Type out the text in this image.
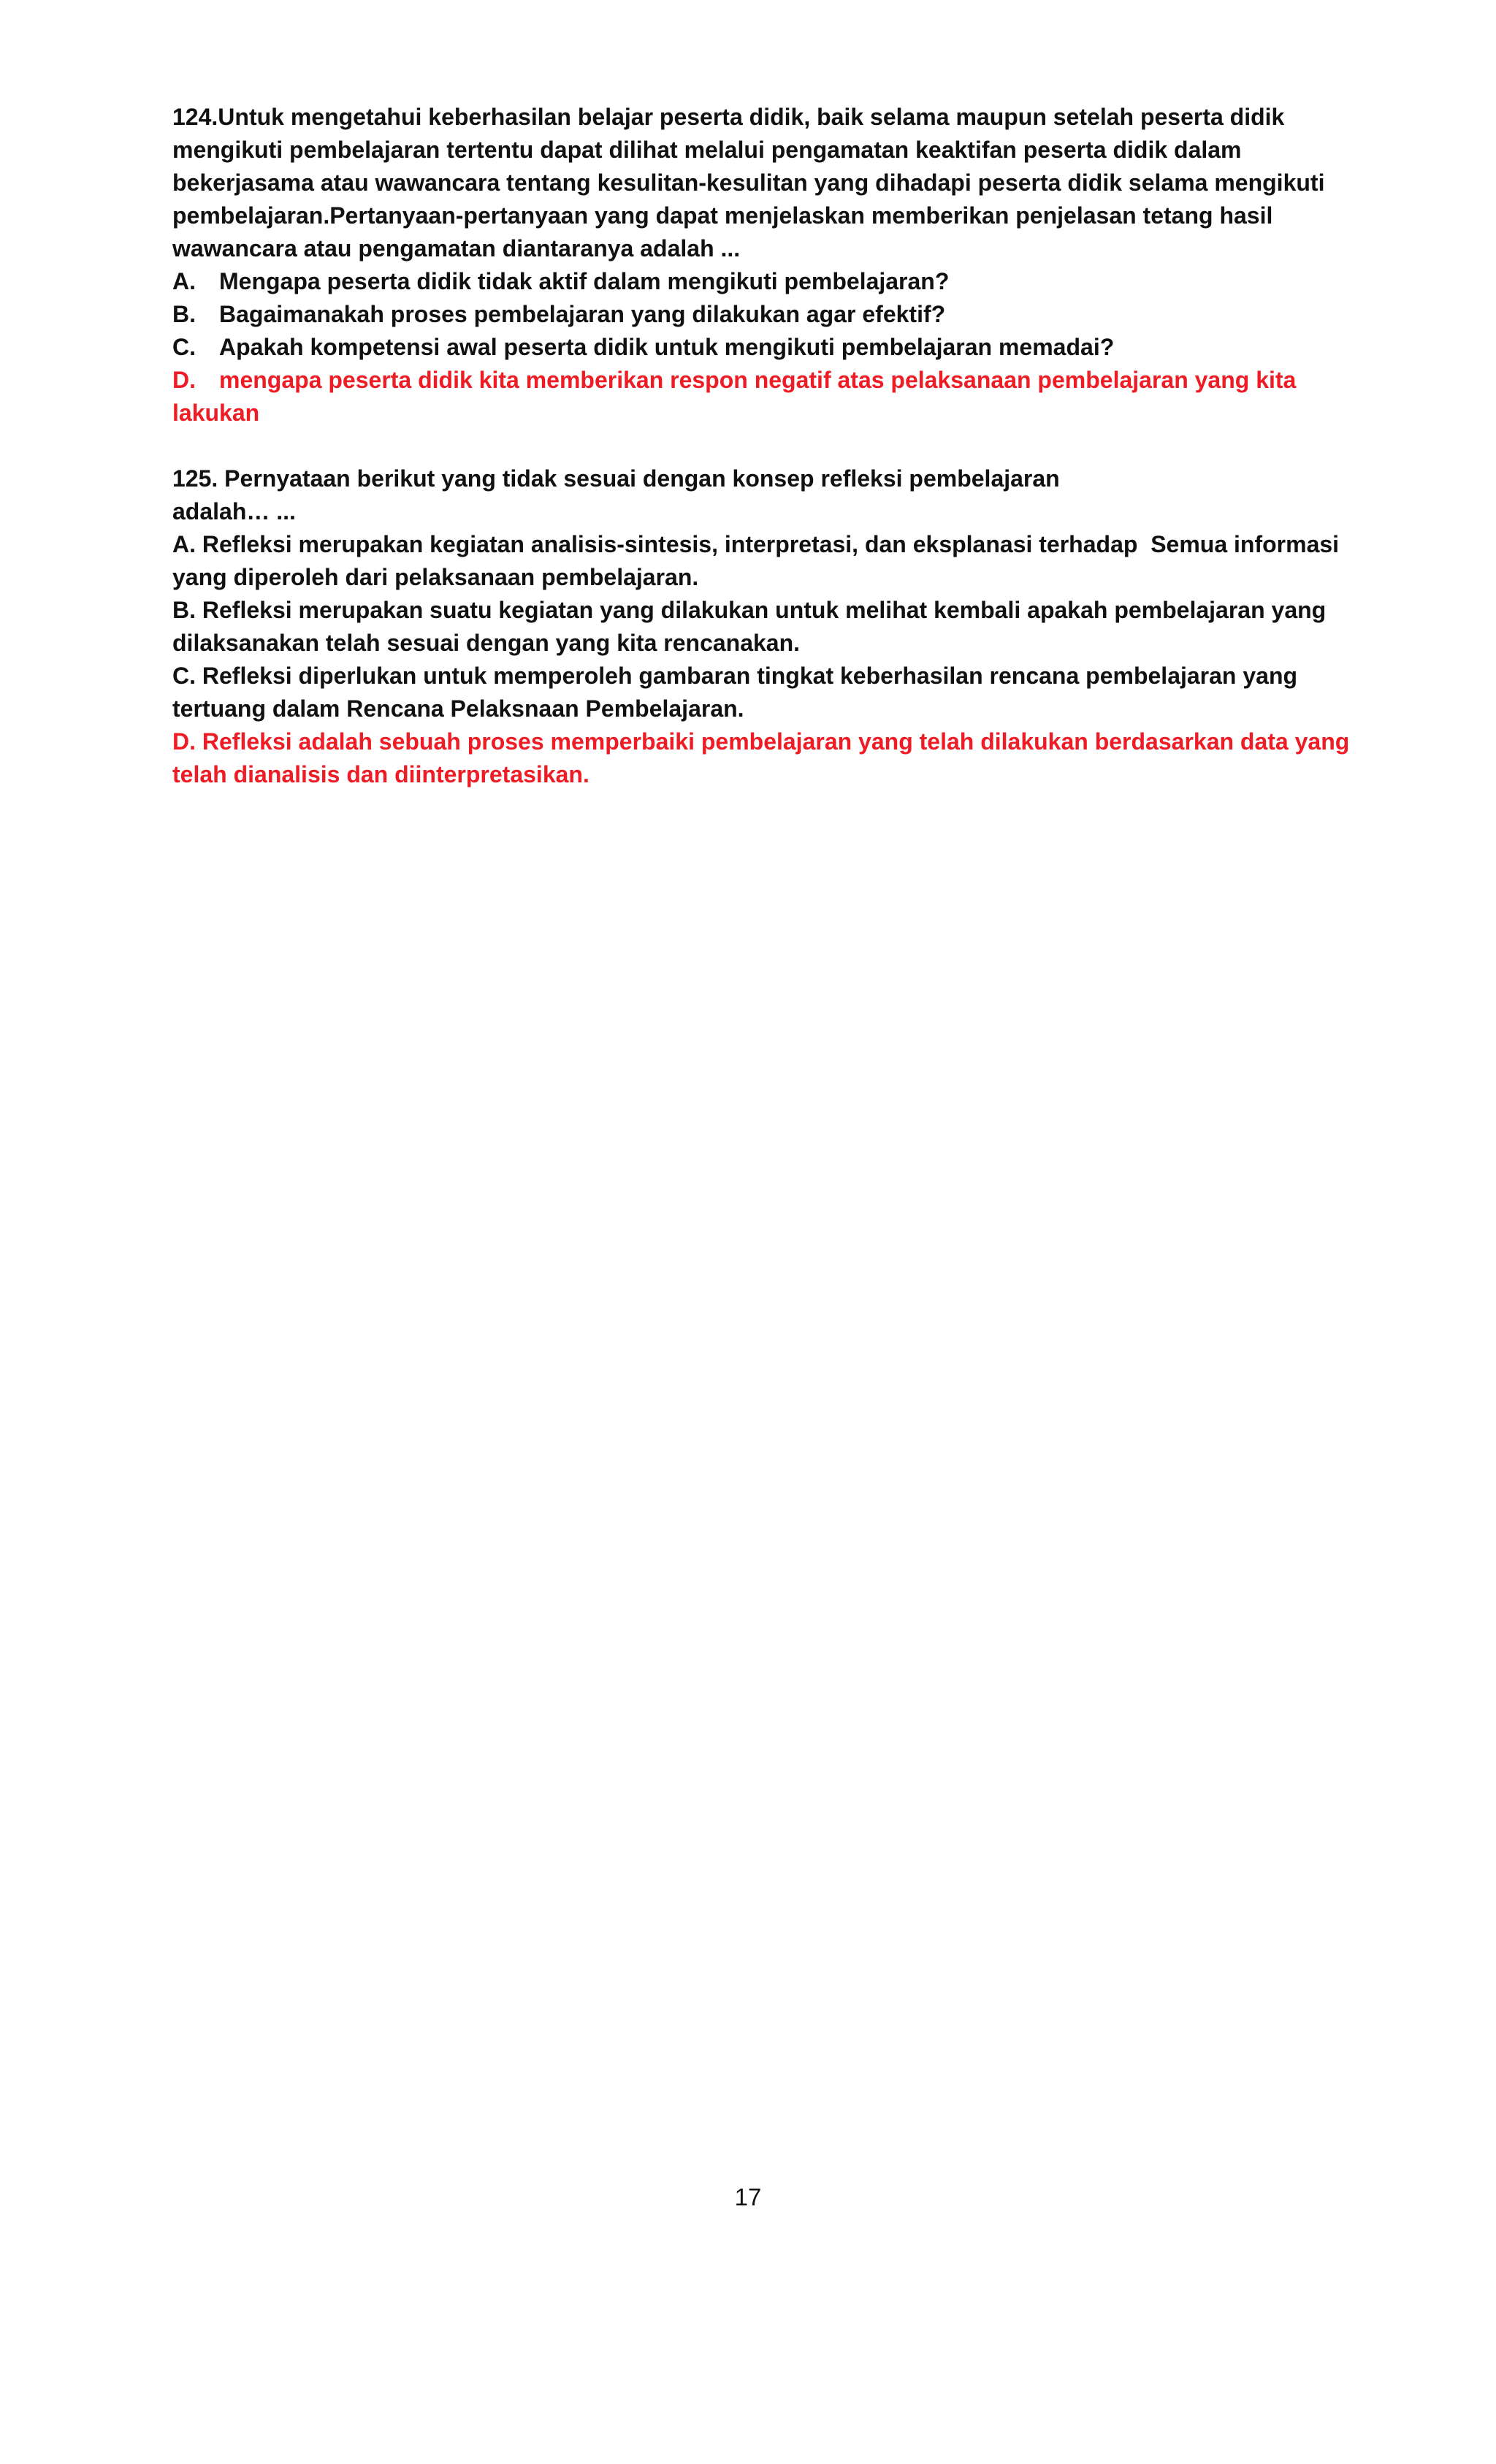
124.Untuk mengetahui keberhasilan belajar peserta didik, baik selama maupun setelah peserta didik
mengikuti pembelajaran tertentu dapat dilihat melalui pengamatan keaktifan peserta didik dalam
bekerjasama atau wawancara tentang kesulitan-kesulitan yang dihadapi peserta didik selama mengikuti
pembelajaran.Pertanyaan-pertanyaan yang dapat menjelaskan memberikan penjelasan tetang hasil
wawancara atau pengamatan diantaranya adalah ...
A.	Mengapa peserta didik tidak aktif dalam mengikuti pembelajaran?
B.	Bagaimanakah proses pembelajaran yang dilakukan agar efektif?
C.	Apakah kompetensi awal peserta didik untuk mengikuti pembelajaran memadai?
D.	mengapa peserta didik kita memberikan respon negatif atas pelaksanaan pembelajaran yang kita
lakukan
125. Pernyataan berikut yang tidak sesuai dengan konsep refleksi pembelajaran
adalah… ...
A. Refleksi merupakan kegiatan analisis-sintesis, interpretasi, dan eksplanasi terhadap  Semua informasi
yang diperoleh dari pelaksanaan pembelajaran.
B. Refleksi merupakan suatu kegiatan yang dilakukan untuk melihat kembali apakah pembelajaran yang
dilaksanakan telah sesuai dengan yang kita rencanakan.
C. Refleksi diperlukan untuk memperoleh gambaran tingkat keberhasilan rencana pembelajaran yang
tertuang dalam Rencana Pelaksnaan Pembelajaran.
D. Refleksi adalah sebuah proses memperbaiki pembelajaran yang telah dilakukan berdasarkan data yang
telah dianalisis dan diinterpretasikan.
17
